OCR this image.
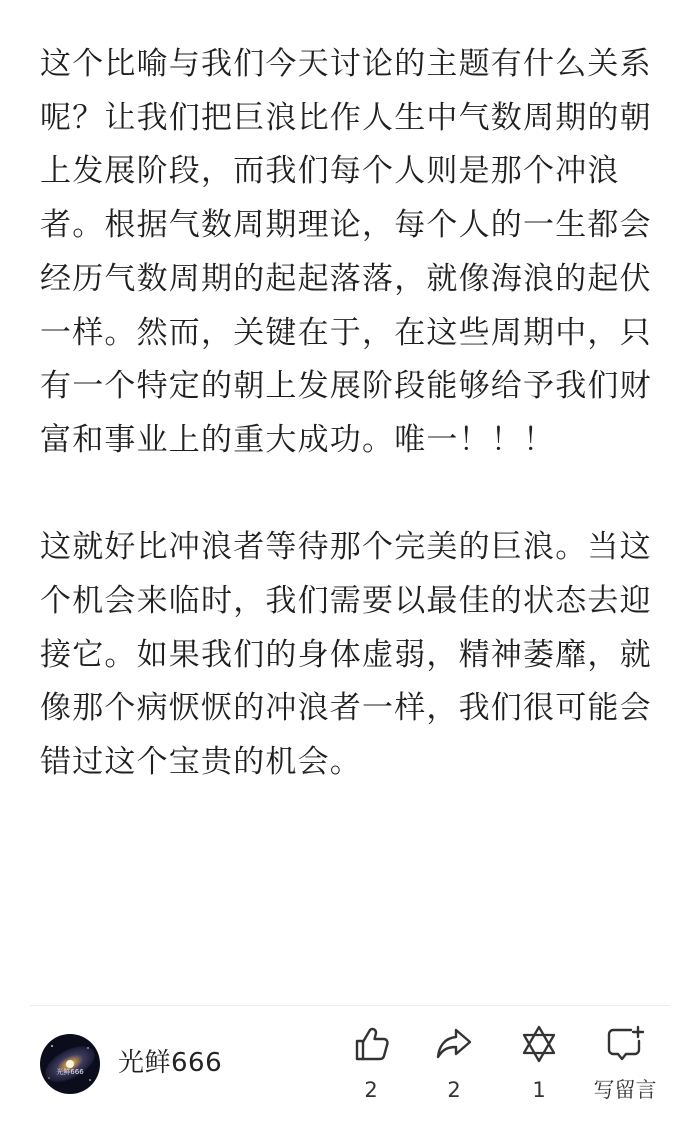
这个比喻与我们今天讨论的主题有什么关系呢？让我们把巨浪比作人生中气数周期的朝上发展阶段，而我们每个人则是那个冲浪者。根据气数周期理论，每个人的一生都会经历气数周期的起起落落，就像海浪的起伏一样。然而，关键在于，在这些周期中，只有一个特定的朝上发展阶段能够给予我们财富和事业上的重大成功。唯一！！！

这就好比冲浪者等待那个完美的巨浪。当这个机会来临时，我们需要以最佳的状态去迎接它。如果我们的身体虚弱，精神萎靡，就像那个病恹恹的冲浪者一样，我们很可能会错过这个宝贵的机会。

光鲜666 光鲜666
2	2	1	写留言
